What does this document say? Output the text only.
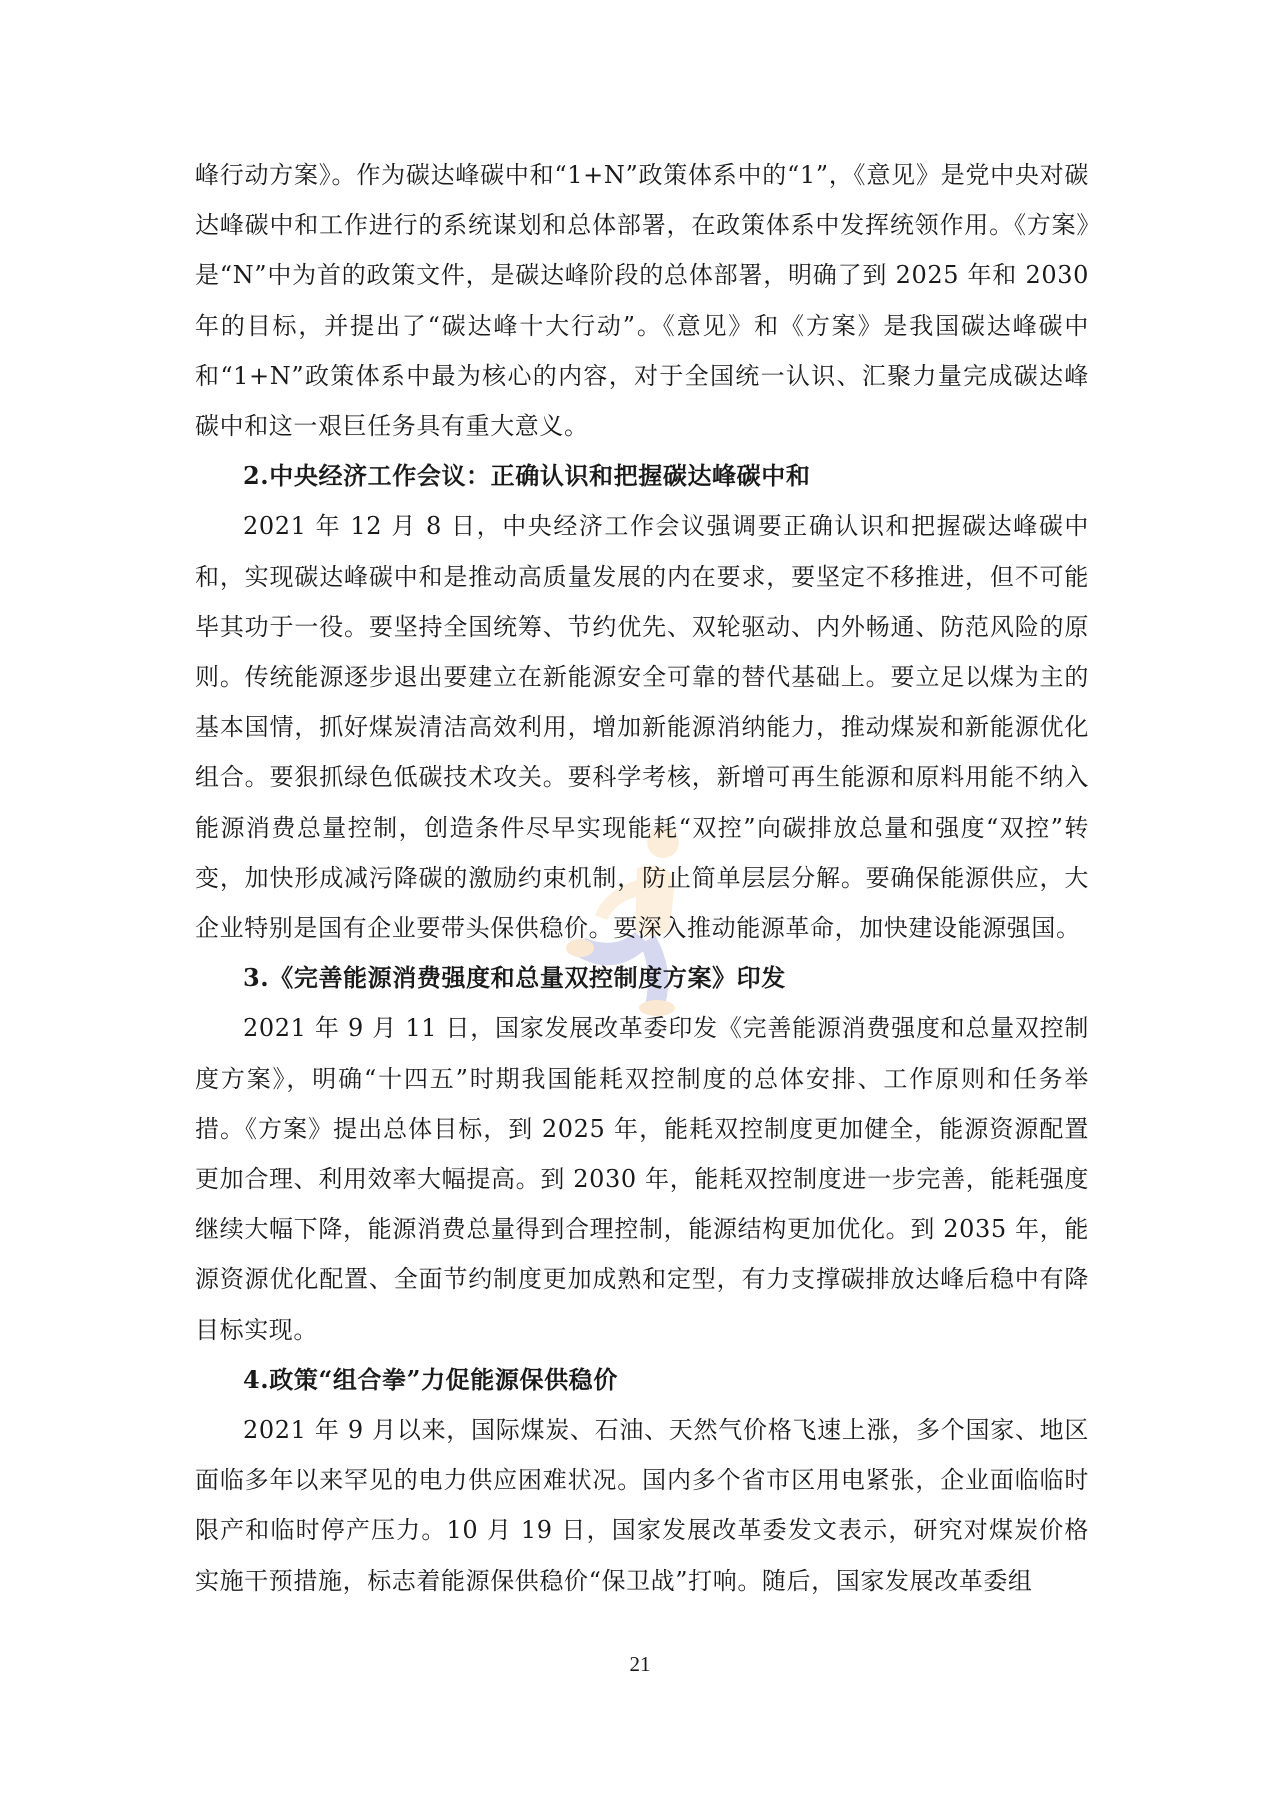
峰行动方案》。作为碳达峰碳中和“1+N”政策体系中的“1”，《意见》是党中央对碳达峰碳中和工作进行的系统谋划和总体部署，在政策体系中发挥统领作用。《方案》是“N”中为首的政策文件，是碳达峰阶段的总体部署，明确了到 2025 年和 2030 年的目标，并提出了“碳达峰十大行动”。《意见》和《方案》是我国碳达峰碳中和“1+N”政策体系中最为核心的内容，对于全国统一认识、汇聚力量完成碳达峰碳中和这一艰巨任务具有重大意义。

2.中央经济工作会议：正确认识和把握碳达峰碳中和

2021 年 12 月 8 日，中央经济工作会议强调要正确认识和把握碳达峰碳中和，实现碳达峰碳中和是推动高质量发展的内在要求，要坚定不移推进，但不可能毕其功于一役。要坚持全国统筹、节约优先、双轮驱动、内外畅通、防范风险的原则。传统能源逐步退出要建立在新能源安全可靠的替代基础上。要立足以煤为主的基本国情，抓好煤炭清洁高效利用，增加新能源消纳能力，推动煤炭和新能源优化组合。要狠抓绿色低碳技术攻关。要科学考核，新增可再生能源和原料用能不纳入能源消费总量控制，创造条件尽早实现能耗“双控”向碳排放总量和强度“双控”转变，加快形成减污降碳的激励约束机制，防止简单层层分解。要确保能源供应，大企业特别是国有企业要带头保供稳价。要深入推动能源革命，加快建设能源强国。

3.《完善能源消费强度和总量双控制度方案》印发

2021 年 9 月 11 日，国家发展改革委印发《完善能源消费强度和总量双控制度方案》，明确“十四五”时期我国能耗双控制度的总体安排、工作原则和任务举措。《方案》提出总体目标，到 2025 年，能耗双控制度更加健全，能源资源配置更加合理、利用效率大幅提高。到 2030 年，能耗双控制度进一步完善，能耗强度继续大幅下降，能源消费总量得到合理控制，能源结构更加优化。到 2035 年，能源资源优化配置、全面节约制度更加成熟和定型，有力支撑碳排放达峰后稳中有降目标实现。

4.政策“组合拳”力促能源保供稳价

2021 年 9 月以来，国际煤炭、石油、天然气价格飞速上涨，多个国家、地区面临多年以来罕见的电力供应困难状况。国内多个省市区用电紧张，企业面临临时限产和临时停产压力。10 月 19 日，国家发展改革委发文表示，研究对煤炭价格实施干预措施，标志着能源保供稳价“保卫战”打响。随后，国家发展改革委组

21
